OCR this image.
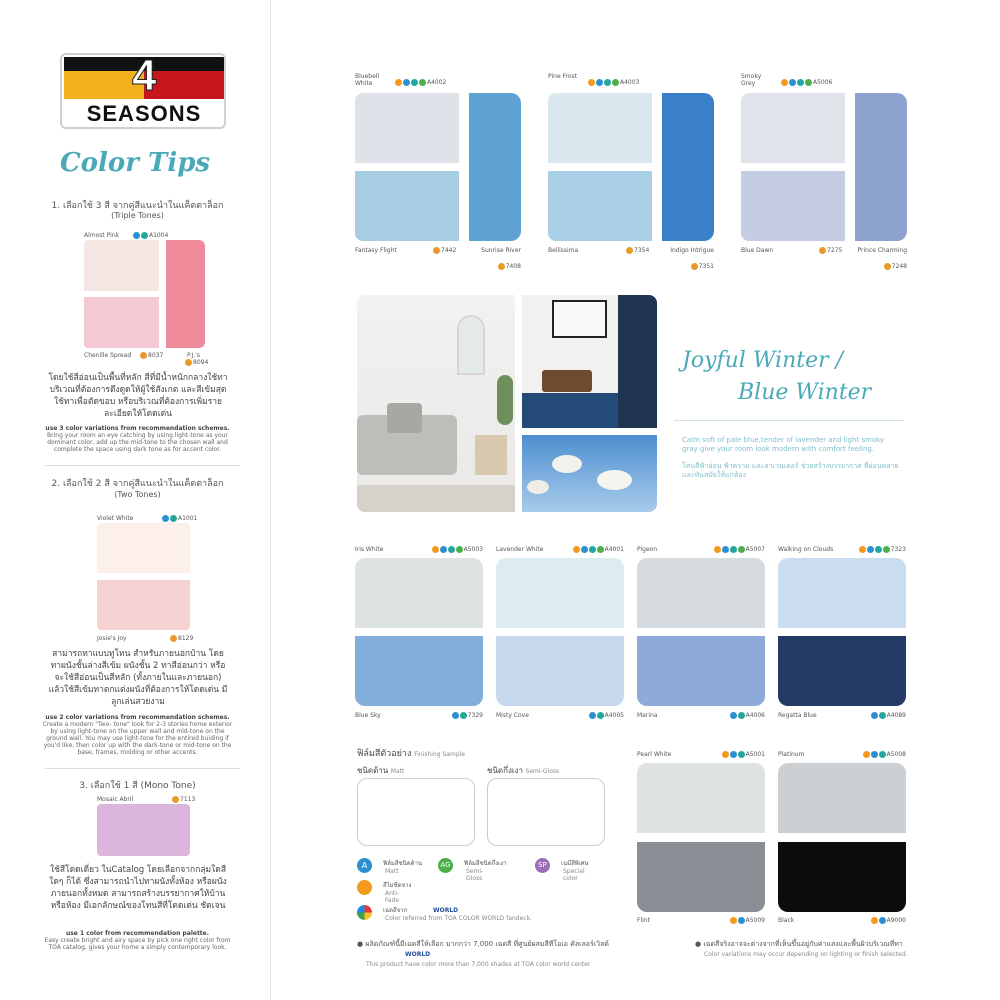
4
SEASONS
Color Tips
1. เลือกใช้ 3 สี จากคู่สีแนะนำในแค็ตตาล็อก
(Triple Tones)
Almost Pink	A1004
Chenille Spread	8037	P.J.'s
8094
โดยใช้สีอ่อนเป็นพื้นที่หลัก สีที่มีน้ำหนักกลางใช้ทาบริเวณที่ต้องการดึงดูดให้ผู้ใช้สังเกต และสีเข้มสุดใช้ทาเพื่อตัดขอบ หรือบริเวณที่ต้องการเพิ่มรายละเอียดให้โดดเด่น
use 3 color variations from recommendation schemes.
Bring your room an eye catching by using light-tone as your dominant color, add up the mid-tone to the chosen wall and complete the space using dark tone as for accent color.
2. เลือกใช้ 2 สี จากคู่สีแนะนำในแค็ตตาล็อก
(Two Tones)
Violet White	A1001
Josie's Joy	8129
สามารถทาแบบทูโทน สำหรับภายนอกบ้าน โดยทาผนังชั้นล่างสีเข้ม ผนังชั้น 2 ทาสีอ่อนกว่า หรือจะใช้สีอ่อนเป็นสีหลัก (ทั้งภายในและภายนอก) แล้วใช้สีเข้มทาตกแต่งผนังที่ต้องการให้โดดเด่น มีลูกเล่นสวยงาม
use 2 color variations from recommendation schemes.
Create a modern "Two- tone" look for 2-3 stories home exterior by using light-tone on the upper wall and mid-tone on the ground wall. You may use light-tone for the entired buiding if you'd like, then color up with the dark-tone or mid-tone on the base, frames, molding or other accents.
3. เลือกใช้ 1 สี (Mono Tone)
Mosaic Abril	7113
ใช้สีโดดเดี่ยว ในCatalog โดยเลือกจากกลุ่มใดสีใดๆ ก็ได้ ซึ่งสามารถนำไปทาผนังทั้งห้อง หรือผนังภายนอกทั้งหมด สามารถสร้างบรรยากาศให้บ้านหรือห้อง มีเอกลักษณ์ของโทนสีที่โดดเด่น ชัดเจน
use 1 color from recommendation palette.
Easy create bright and airy space by pick one right color from TOA catalog, gives your home a simply contemporary look.
Bluebell White	A4002
Fantasy Flight	7442	Sunrise River
7408
Pine Frost
A4003
Bellissima	7354	Indigo Intrigue
7351
Smoky Grey	A5006
Blue Dawn	7275	Prince Charming
7248
Joyful Winter /
Blue Winter
Calm soft of pale blue,tender of lavender and light smoky gray give your room look modern with comfort feeling.
โทนสีฟ้าอ่อน ฟ้าคราม และลาเวนเดอร์ ช่วยสร้างบรรยากาศ ที่ผ่อนคลาย และทันสมัยให้แก่ห้อง
Iris White	A5003
Blue Sky	7329
Lavender White	A4001
Misty Cove	A4005
Pigeon	A5007
Marina	A4006
Walking on Clouds	7323
Regatta Blue	A4089
ฟิล์มสีตัวอย่าง Finishing Sample
ชนิดด้าน Matt	ชนิดกึ่งเงา Semi-Gloss
A	ฟิล์มสีชนิดด้าน
Matt
AG	ฟิล์มสีชนิดกึ่งเงา
Semi-Gloss
SP	เนมีสีพิเศษ
Special color
สีไม่ซีดจาง
Anti-Fade
เฉดสีจาก	WORLD
Color referred from TOA COLOR WORLD fandeck.
● ผลิตภัณฑ์นี้มีเฉดสีให้เลือก มากกว่า 7,000 เฉดสี ที่ศูนย์ผสมสีทีโอเอ คัลเลอร์เวิลด์
WORLD
This product have color more than 7,000 shades at TOA color world center
● เฉดสีจริงอาจจะต่างจากที่เห็นขึ้นอยู่กับค่าแสงและพื้นผิวบริเวณที่ทา
Color variations may occur depending on lighting or finish selected.
Pearl White	A5001
Flint	A5009
Platinum	A5008
Black	A9000
